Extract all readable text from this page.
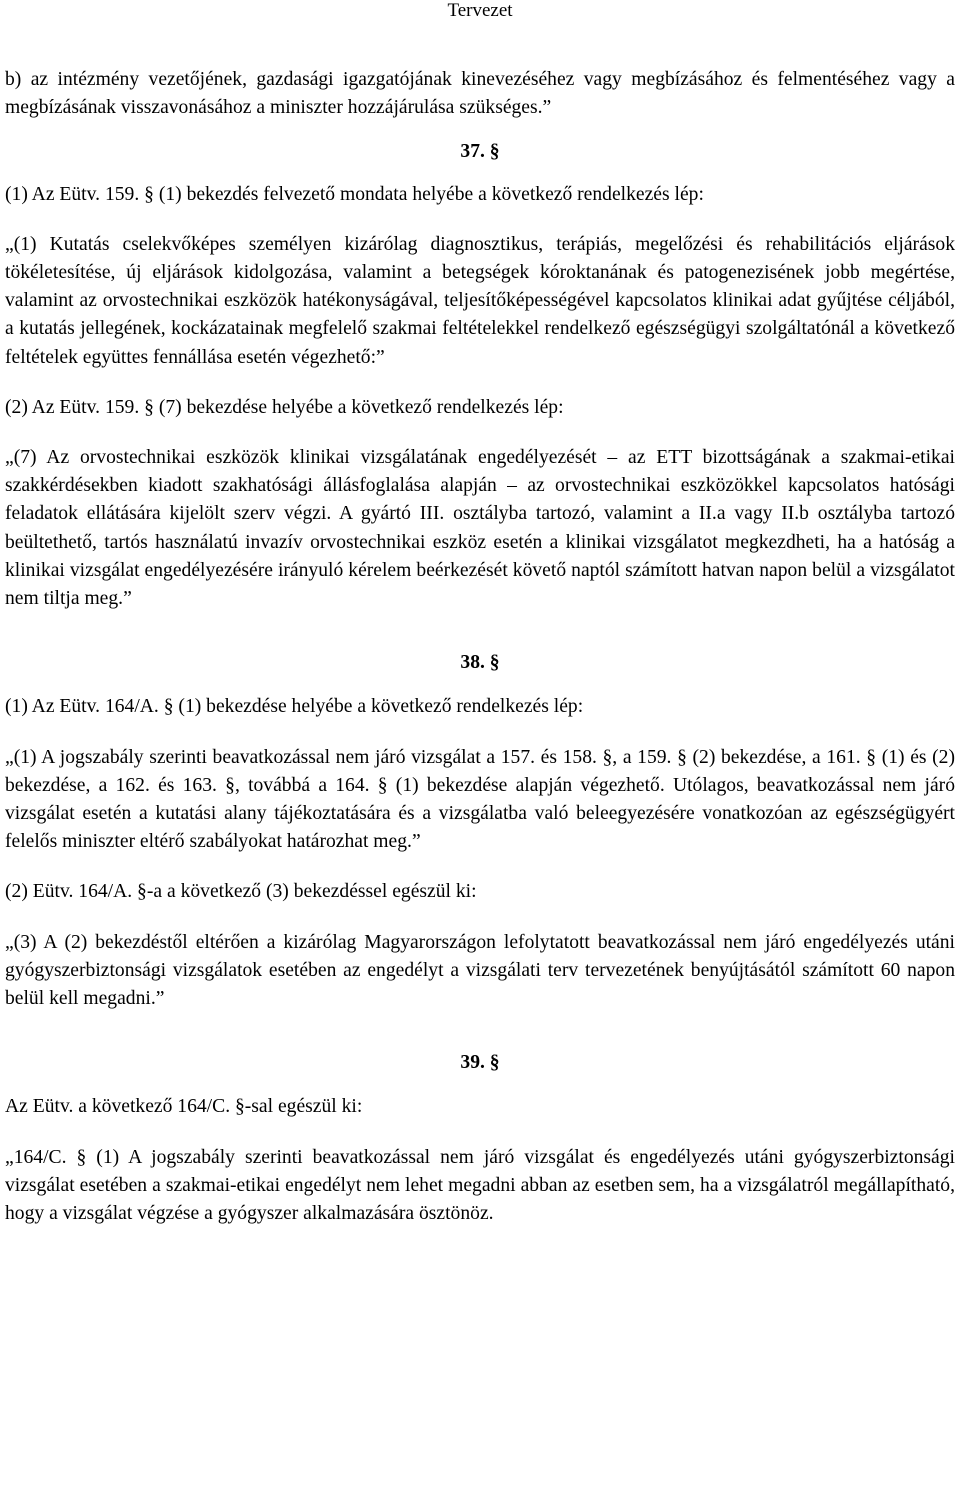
Tervezet

b) az intézmény vezetőjének, gazdasági igazgatójának kinevezéséhez vagy megbízásához és felmentéséhez vagy a megbízásának visszavonásához a miniszter hozzájárulása szükséges.”

37. §

(1) Az Eütv. 159. § (1) bekezdés felvezető mondata helyébe a következő rendelkezés lép:

„(1) Kutatás cselekvőképes személyen kizárólag diagnosztikus, terápiás, megelőzési és rehabilitációs eljárások tökéletesítése, új eljárások kidolgozása, valamint a betegségek kóroktanának és patogenezisének jobb megértése, valamint az orvostechnikai eszközök hatékonyságával, teljesítőképességével kapcsolatos klinikai adat gyűjtése céljából, a kutatás jellegének, kockázatainak megfelelő szakmai feltételekkel rendelkező egészségügyi szolgáltatónál a következő feltételek együttes fennállása esetén végezhető:”

(2) Az Eütv. 159. § (7) bekezdése helyébe a következő rendelkezés lép:

„(7) Az orvostechnikai eszközök klinikai vizsgálatának engedélyezését – az ETT bizottságának a szakmai-etikai szakkérdésekben kiadott szakhatósági állásfoglalása alapján – az orvostechnikai eszközökkel kapcsolatos hatósági feladatok ellátására kijelölt szerv végzi. A gyártó III. osztályba tartozó, valamint a II.a vagy II.b osztályba tartozó beültethető, tartós használatú invazív orvostechnikai eszköz esetén a klinikai vizsgálatot megkezdheti, ha a hatóság a klinikai vizsgálat engedélyezésére irányuló kérelem beérkezését követő naptól számított hatvan napon belül a vizsgálatot nem tiltja meg.”

38. §

(1) Az Eütv. 164/A. § (1) bekezdése helyébe a következő rendelkezés lép:

„(1) A jogszabály szerinti beavatkozással nem járó vizsgálat a 157. és 158. §, a 159. § (2) bekezdése, a 161. § (1) és (2) bekezdése, a 162. és 163. §, továbbá a 164. § (1) bekezdése alapján végezhető. Utólagos, beavatkozással nem járó vizsgálat esetén a kutatási alany tájékoztatására és a vizsgálatba való beleegyezésére vonatkozóan az egészségügyért felelős miniszter eltérő szabályokat határozhat meg.”

(2) Eütv. 164/A. §-a a következő (3) bekezdéssel egészül ki:

„(3) A (2) bekezdéstől eltérően a kizárólag Magyarországon lefolytatott beavatkozással nem járó engedélyezés utáni gyógyszerbiztonsági vizsgálatok esetében az engedélyt a vizsgálati terv tervezetének benyújtásától számított 60 napon belül kell megadni.”

39. §

Az Eütv. a következő 164/C. §-sal egészül ki:

„164/C. § (1) A jogszabály szerinti beavatkozással nem járó vizsgálat és engedélyezés utáni gyógyszerbiztonsági vizsgálat esetében a szakmai-etikai engedélyt nem lehet megadni abban az esetben sem, ha a vizsgálatról megállapítható, hogy a vizsgálat végzése a gyógyszer alkalmazására ösztönöz.
